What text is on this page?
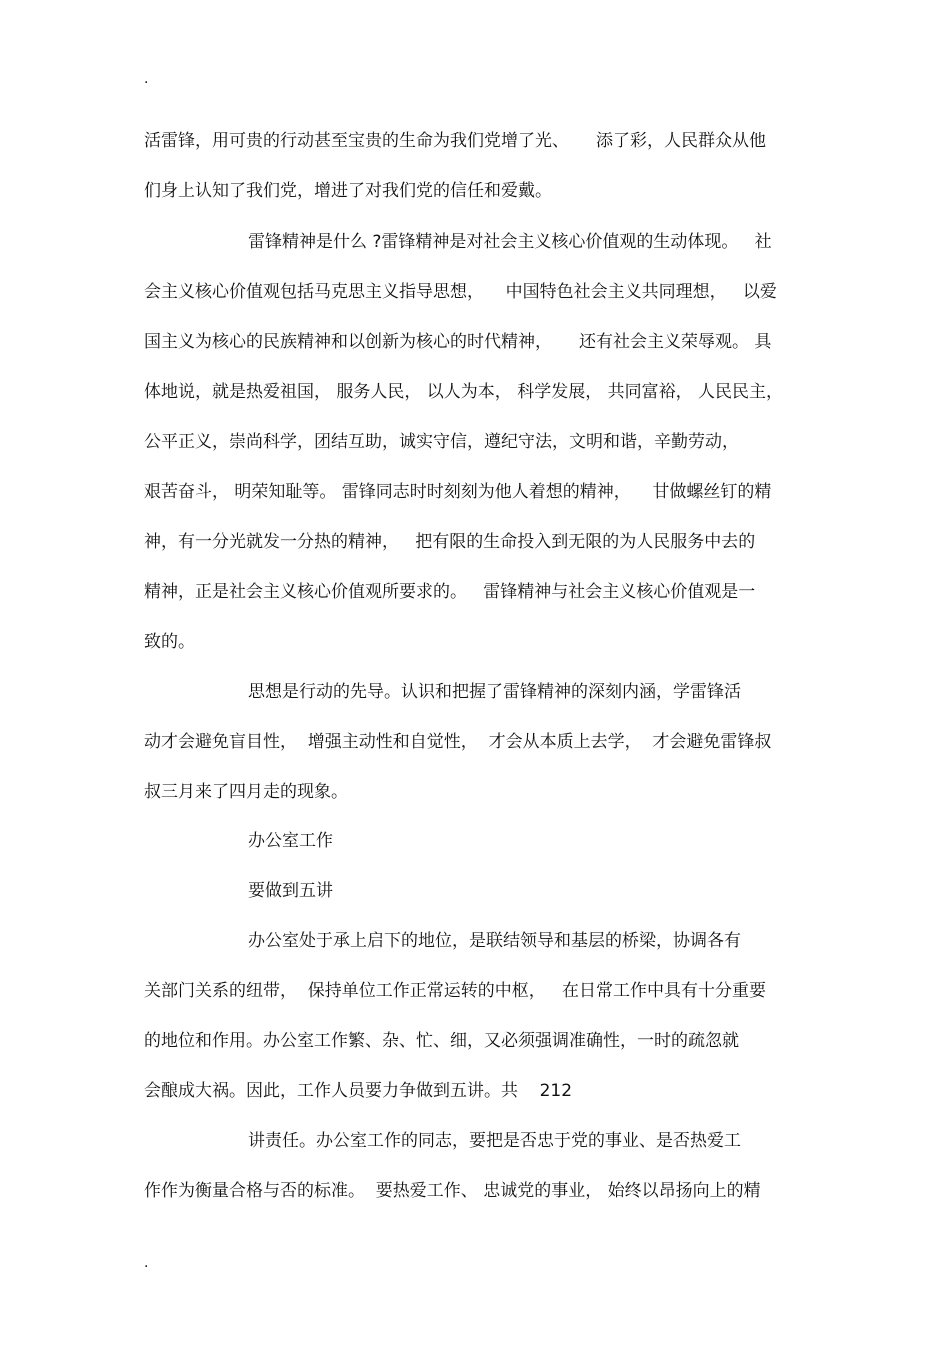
.
活雷锋，用可贵的行动甚至宝贵的生命为我们党增了光、     添了彩，人民群众从他
们身上认知了我们党，增进了对我们党的信任和爱戴。
雷锋精神是什么 ?雷锋精神是对社会主义核心价值观的生动体现。   社
会主义核心价值观包括马克思主义指导思想，    中国特色社会主义共同理想，   以爱
国主义为核心的民族精神和以创新为核心的时代精神，     还有社会主义荣辱观。 具
体地说，就是热爱祖国， 服务人民， 以人为本， 科学发展， 共同富裕， 人民民主，
公平正义，崇尚科学，团结互助，诚实守信，遵纪守法，文明和谐，辛勤劳动，
艰苦奋斗， 明荣知耻等。 雷锋同志时时刻刻为他人着想的精神，    甘做螺丝钉的精
神，有一分光就发一分热的精神，   把有限的生命投入到无限的为人民服务中去的
精神，正是社会主义核心价值观所要求的。   雷锋精神与社会主义核心价值观是一
致的。
思想是行动的先导。认识和把握了雷锋精神的深刻内涵，学雷锋活
动才会避免盲目性，  增强主动性和自觉性，  才会从本质上去学，  才会避免雷锋叔
叔三月来了四月走的现象。
办公室工作
要做到五讲
办公室处于承上启下的地位，是联结领导和基层的桥梁，协调各有
关部门关系的纽带，  保持单位工作正常运转的中枢，   在日常工作中具有十分重要
的地位和作用。办公室工作繁、杂、忙、细，又必须强调准确性，一时的疏忽就
会酿成大祸。因此，工作人员要力争做到五讲。共    212
讲责任。办公室工作的同志，要把是否忠于党的事业、是否热爱工
作作为衡量合格与否的标准。  要热爱工作、 忠诚党的事业， 始终以昂扬向上的精
.
